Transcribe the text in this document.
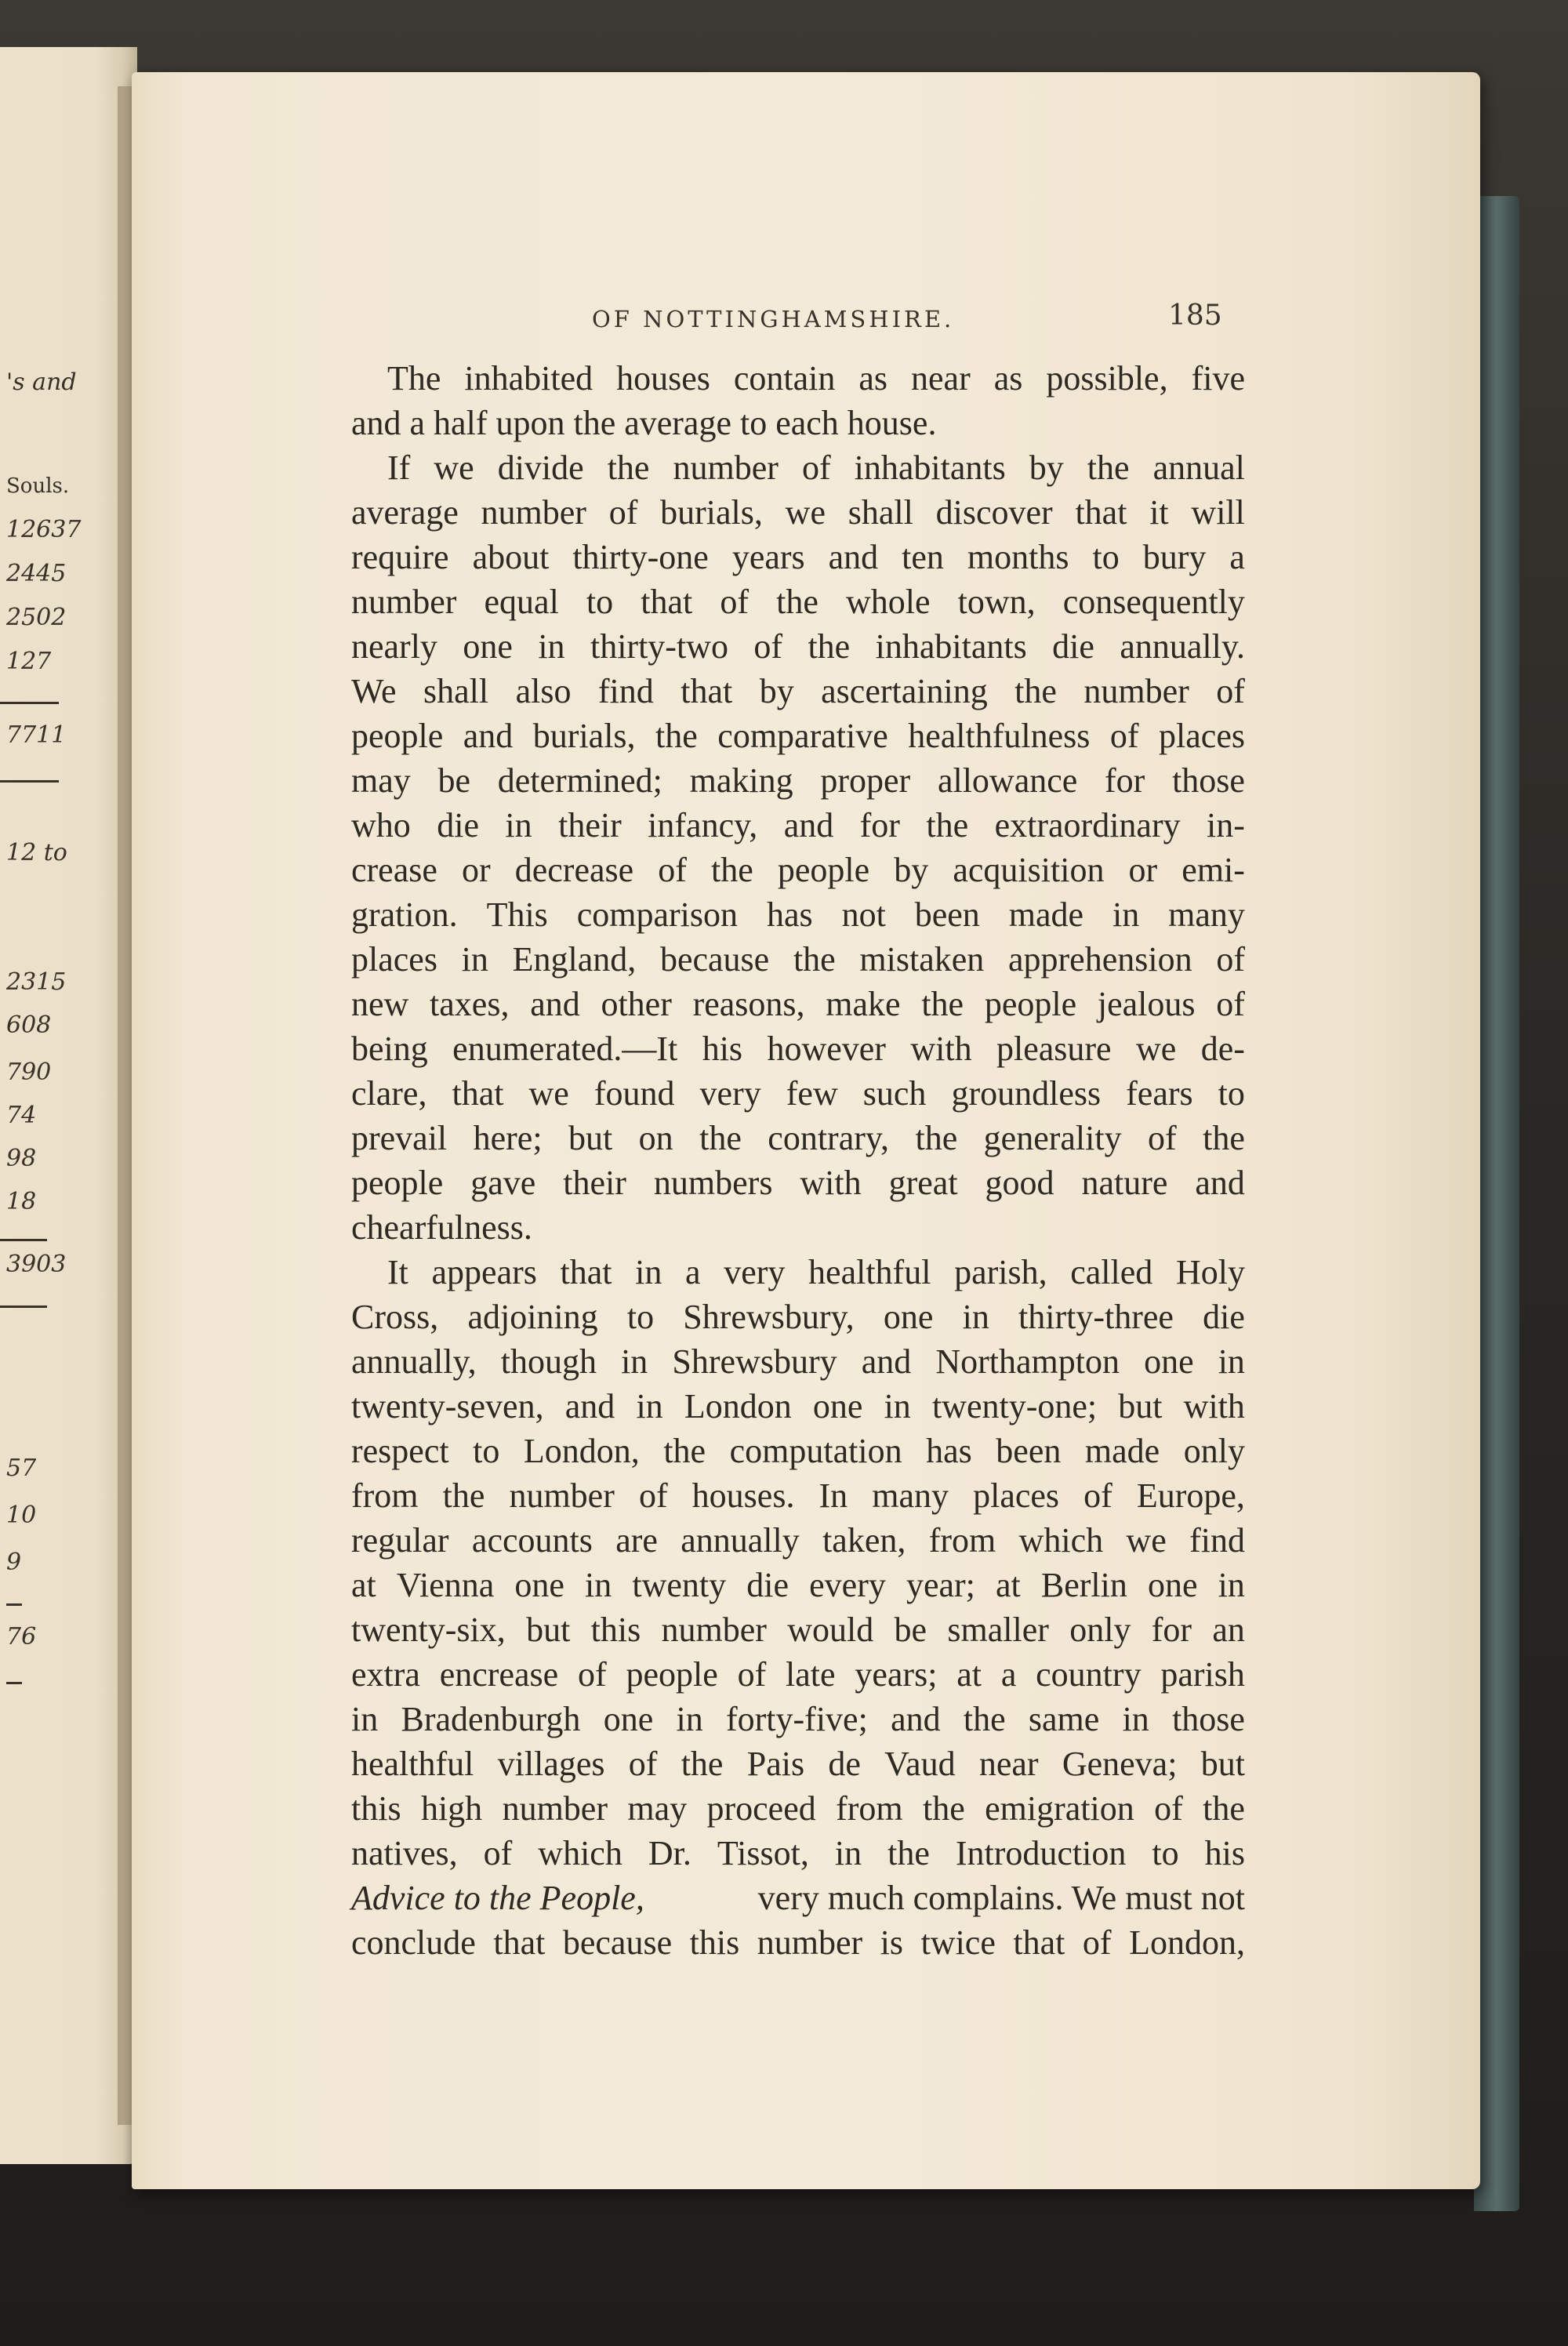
's and
Souls.
12637
2445
2502
127
7711
12 to
2315
608
790
74
98
18
3903
57
10
9
76
OF NOTTINGHAMSHIRE.	185
The inhabited houses contain as near as possible, five
and a half upon the average to each house.
If we divide the number of inhabitants by the annual
average number of burials, we shall discover that it will
require about thirty-one years and ten months to bury a
number equal to that of the whole town, consequently
nearly one in thirty-two of the inhabitants die annually.
We shall also find that by ascertaining the number of
people and burials, the comparative healthfulness of places
may be determined; making proper allowance for those
who die in their infancy, and for the extraordinary in-
crease or decrease of the people by acquisition or emi-
gration. This comparison has not been made in many
places in England, because the mistaken apprehension of
new taxes, and other reasons, make the people jealous of
being enumerated.—It his however with pleasure we de-
clare, that we found very few such groundless fears to
prevail here; but on the contrary, the generality of the
people gave their numbers with great good nature and
chearfulness.
It appears that in a very healthful parish, called Holy
Cross, adjoining to Shrewsbury, one in thirty-three die
annually, though in Shrewsbury and Northampton one in
twenty-seven, and in London one in twenty-one; but with
respect to London, the computation has been made only
from the number of houses. In many places of Europe,
regular accounts are annually taken, from which we find
at Vienna one in twenty die every year; at Berlin one in
twenty-six, but this number would be smaller only for an
extra encrease of people of late years; at a country parish
in Bradenburgh one in forty-five; and the same in those
healthful villages of the Pais de Vaud near Geneva; but
this high number may proceed from the emigration of the
natives, of which Dr. Tissot, in the Introduction to his
Advice to the People,	very much complains. We must not
conclude that because this number is twice that of London,
